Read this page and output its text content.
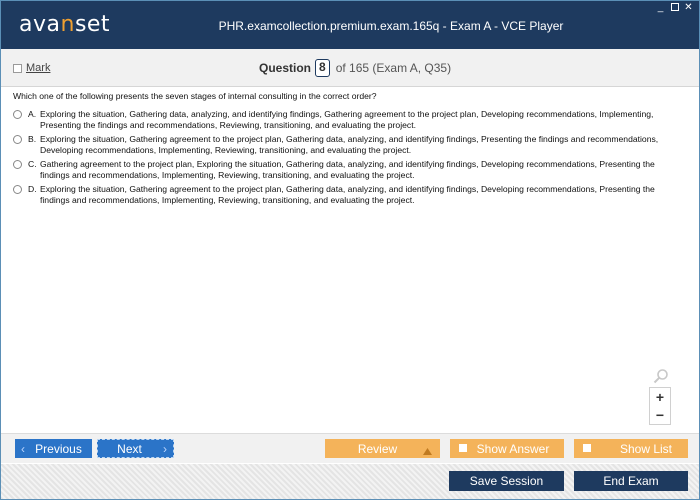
avanset	PHR.examcollection.premium.exam.165q - Exam A - VCE Player
_ ✕
Mark	Question 8 of 165 (Exam A, Q35)
Which one of the following presents the seven stages of internal consulting in the correct order?
A. Exploring the situation, Gathering data, analyzing, and identifying findings, Gathering agreement to the project plan, Developing recommendations, Implementing, Presenting the findings and recommendations, Reviewing, transitioning, and evaluating the project.
B. Exploring the situation, Gathering agreement to the project plan, Gathering data, analyzing, and identifying findings, Presenting the findings and recommendations, Developing recommendations, Implementing, Reviewing, transitioning, and evaluating the project.
C. Gathering agreement to the project plan, Exploring the situation, Gathering data, analyzing, and identifying findings, Developing recommendations, Presenting the findings and recommendations, Implementing, Reviewing, transitioning, and evaluating the project.
D. Exploring the situation, Gathering agreement to the project plan, Gathering data, analyzing, and identifying findings, Developing recommendations, Presenting the findings and recommendations, Implementing, Reviewing, transitioning, and evaluating the project.
+
−
‹ Previous	Next ›	Review	Show Answer	Show List
Save Session	End Exam
